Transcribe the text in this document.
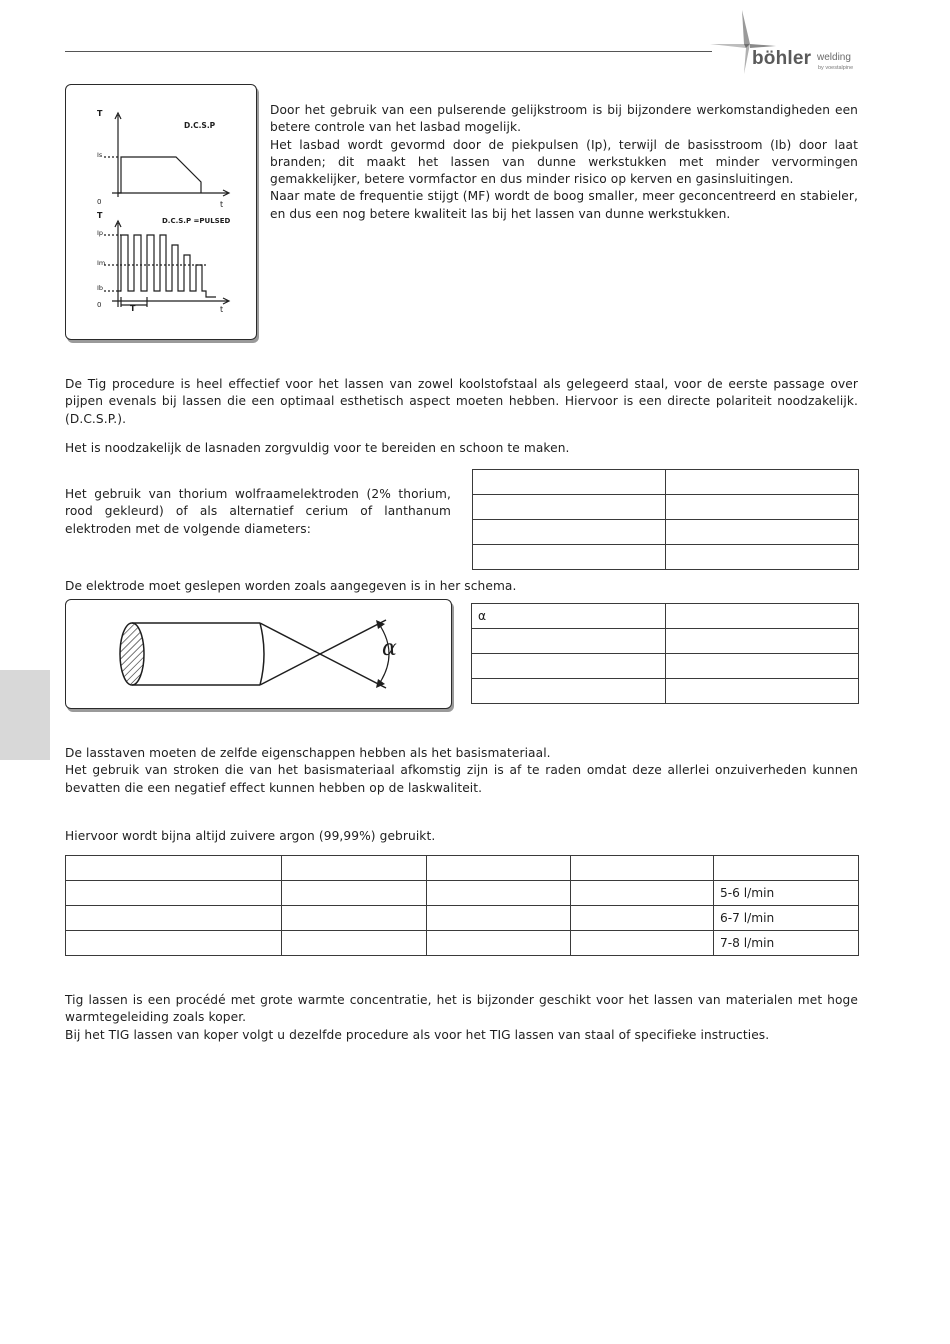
böhler welding
by voestalpine
T
D.C.S.P
Is
0	t
T
D.C.S.P =PULSED
Ip
Im
Ib
0	T	t
Door het gebruik van een pulserende gelijkstroom is bij bijzondere werkomstandigheden een betere controle van het lasbad mogelijk.
Het lasbad wordt gevormd door de piekpulsen (Ip), terwijl de basisstroom (Ib) door laat branden; dit maakt het lassen van dunne werkstukken met minder vervormingen gemakkelijker, betere vormfactor en dus minder risico op kerven en gasinsluitingen.
Naar mate de frequentie stijgt (MF) wordt de boog smaller, meer geconcentreerd en stabieler, en dus een nog betere kwaliteit las bij het lassen van dunne werkstukken.
De Tig procedure is heel effectief voor het lassen van zowel koolstofstaal als gelegeerd staal, voor de eerste passage over pijpen evenals bij lassen die een optimaal esthetisch aspect moeten hebben. Hiervoor is een directe polariteit noodzakelijk.(D.C.S.P.).
Het is noodzakelijk de lasnaden zorgvuldig voor te bereiden en schoon te maken.
Het gebruik van thorium wolfraamelektroden (2% thorium, rood gekleurd) of als alternatief cerium of lanthanum elektroden met de volgende diameters:

De elektrode moet geslepen worden zoals aangegeven is in her schema.
α
α	

De lasstaven moeten de zelfde eigenschappen hebben als het basismateriaal.
Het gebruik van stroken die van het basismateriaal afkomstig zijn is af te raden omdat deze allerlei onzuiverheden kunnen bevatten die een negatief effect kunnen hebben op de laskwaliteit.
Hiervoor wordt bijna altijd zuivere argon (99,99%) gebruikt.

				5-6 l/min
				6-7 l/min
				7-8 l/min
Tig lassen is een procédé met grote warmte concentratie, het is bijzonder geschikt voor het lassen van materialen met hoge warmtegeleiding zoals koper.
Bij het TIG lassen van koper volgt u dezelfde procedure als voor het TIG lassen van staal of specifieke instructies.
